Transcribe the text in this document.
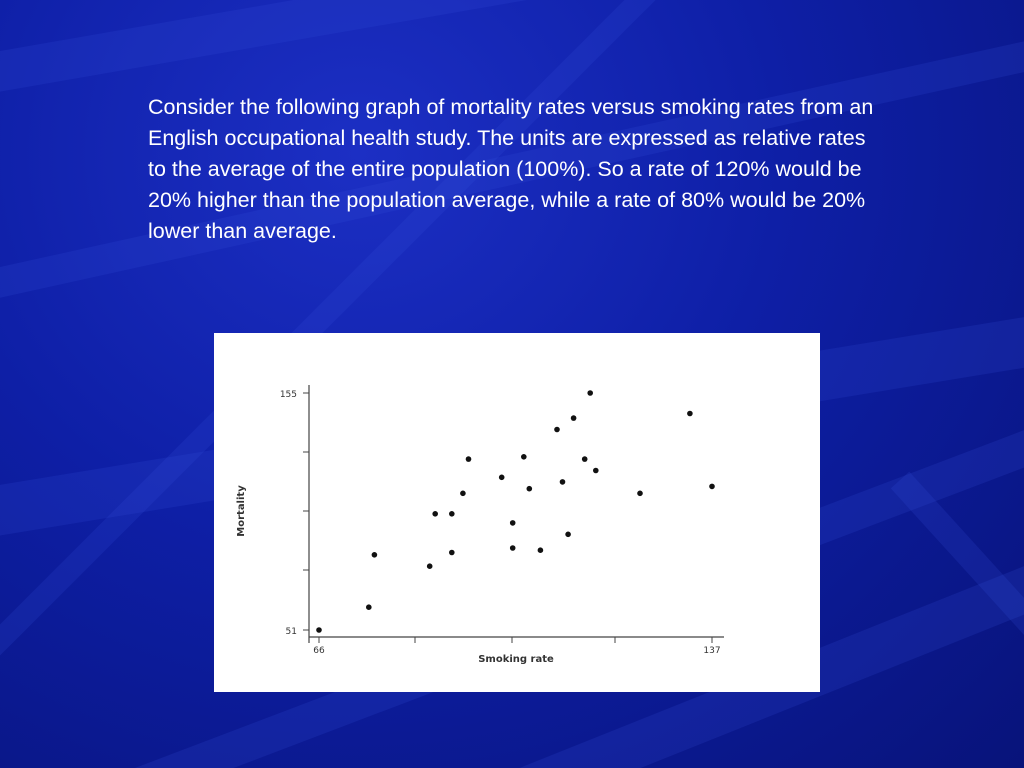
Consider the following graph of mortality rates versus smoking rates from an English occupational health study. The units are expressed as relative rates to the average of the entire population (100%). So a rate of 120% would be 20% higher than the population average, while a rate of 80% would be 20% lower than average.
155
51
66	137
Smoking rate
Mortality
